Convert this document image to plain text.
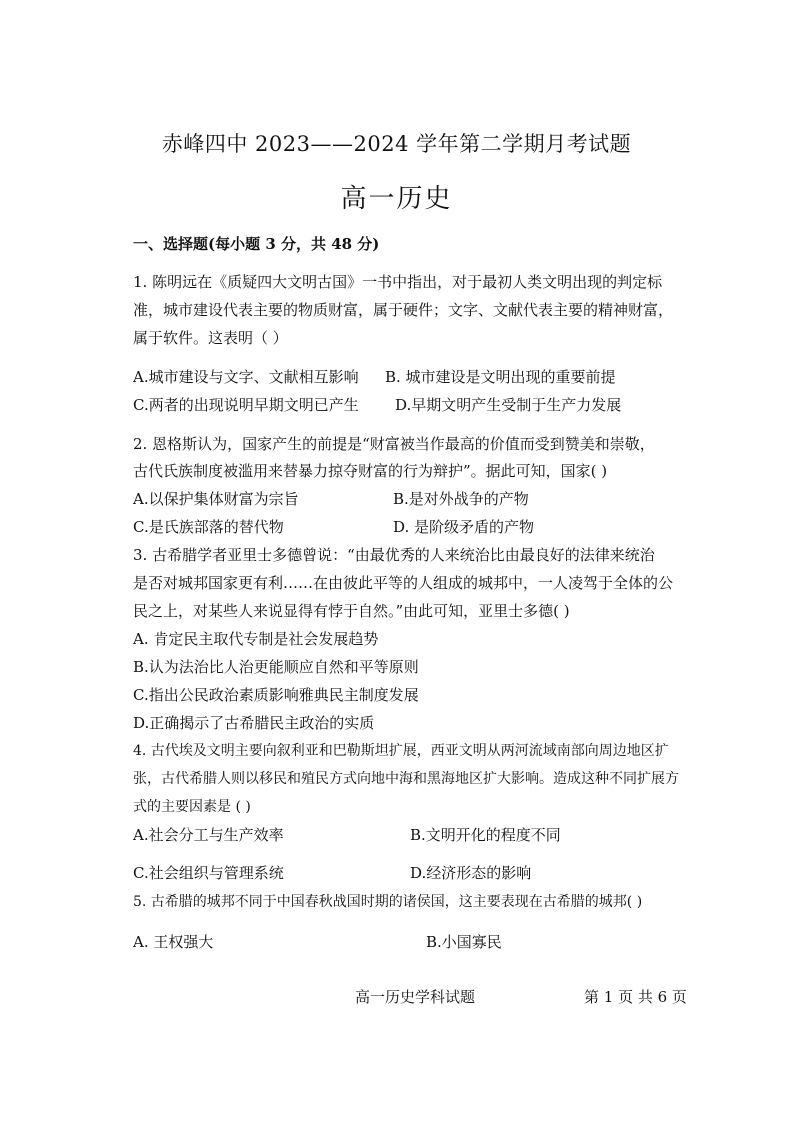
赤峰四中 2023——2024 学年第二学期月考试题
高一历史
一、选择题(每小题 3 分，共 48 分)
1. 陈明远在《质疑四大文明古国》一书中指出，对于最初人类文明出现的判定标
准，城市建设代表主要的物质财富，属于硬件；文字、文献代表主要的精神财富，
属于软件。这表明（ ）
A.城市建设与文字、文献相互影响 B. 城市建设是文明出现的重要前提
C.两者的出现说明早期文明已产生 D.早期文明产生受制于生产力发展
2. 恩格斯认为，国家产生的前提是“财富被当作最高的价值而受到赞美和崇敬，
古代氏族制度被滥用来替暴力掠夺财富的行为辩护”。据此可知，国家( )
A.以保护集体财富为宗旨	B.是对外战争的产物
C.是氏族部落的替代物	D. 是阶级矛盾的产物
3. 古希腊学者亚里士多德曾说：“由最优秀的人来统治比由最良好的法律来统治
是否对城邦国家更有利……在由彼此平等的人组成的城邦中，一人凌驾于全体的公
民之上，对某些人来说显得有悖于自然。”由此可知，亚里士多德( )
A. 肯定民主取代专制是社会发展趋势
B.认为法治比人治更能顺应自然和平等原则
C.指出公民政治素质影响雅典民主制度发展
D.正确揭示了古希腊民主政治的实质
4. 古代埃及文明主要向叙利亚和巴勒斯坦扩展，西亚文明从两河流域南部向周边地区扩
张，古代希腊人则以移民和殖民方式向地中海和黑海地区扩大影响。造成这种不同扩展方
式的主要因素是 ( )
A.社会分工与生产效率	B.文明开化的程度不同
C.社会组织与管理系统	D.经济形态的影响
5. 古希腊的城邦不同于中国春秋战国时期的诸侯国，这主要表现在古希腊的城邦( )
A. 王权强大	B.小国寡民
高一历史学科试题	第 1 页 共 6 页
